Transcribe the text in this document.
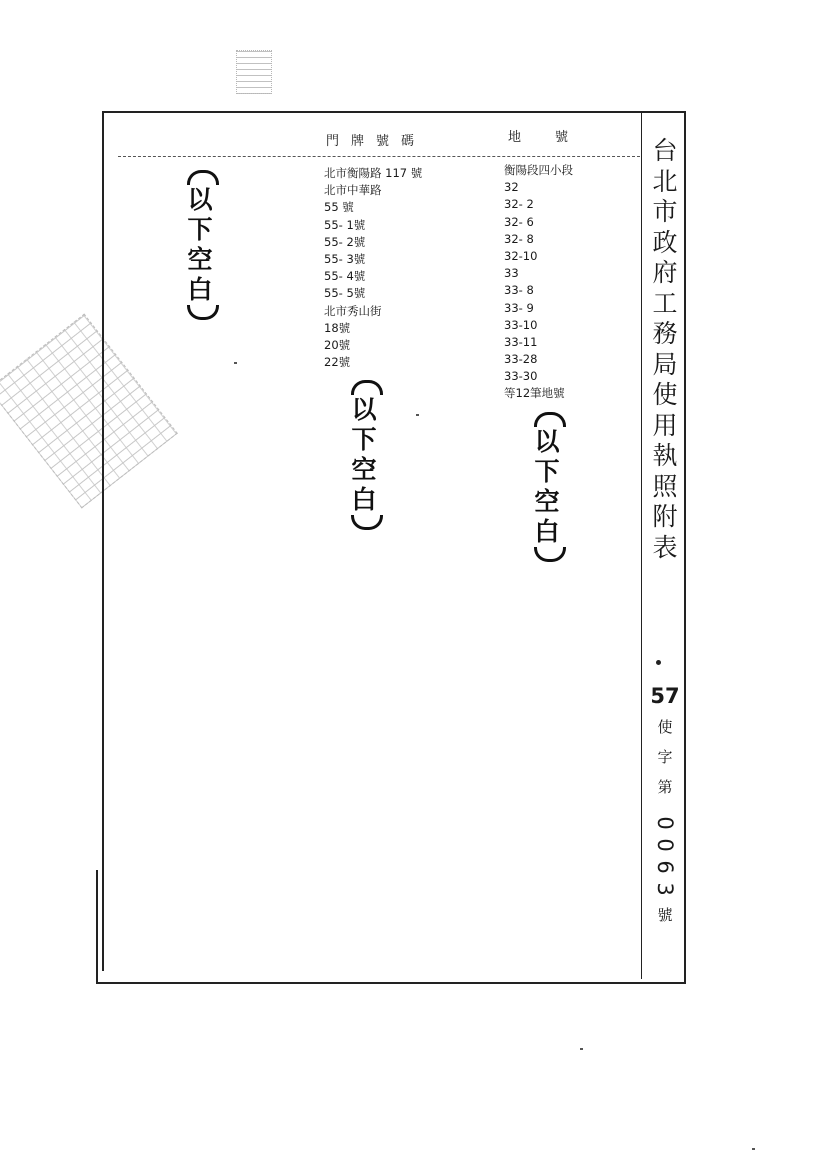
門牌號碼	地號
北市衡陽路 117 號
北市中華路
55 號
55- 1號
55- 2號
55- 3號
55- 4號
55- 5號
北市秀山街
18號
20號
22號
衡陽段四小段
32
32- 2
32- 6
32- 8
32-10
33
33- 8
33- 9
33-10
33-11
33-28
33-30
等12筆地號
以
下
空
白
以
下
空
白
以
下
空
白
台
北
市
政
府
工
務
局
使
用
執
照
附
表
57
使
字
第
0
0
6
3
號
